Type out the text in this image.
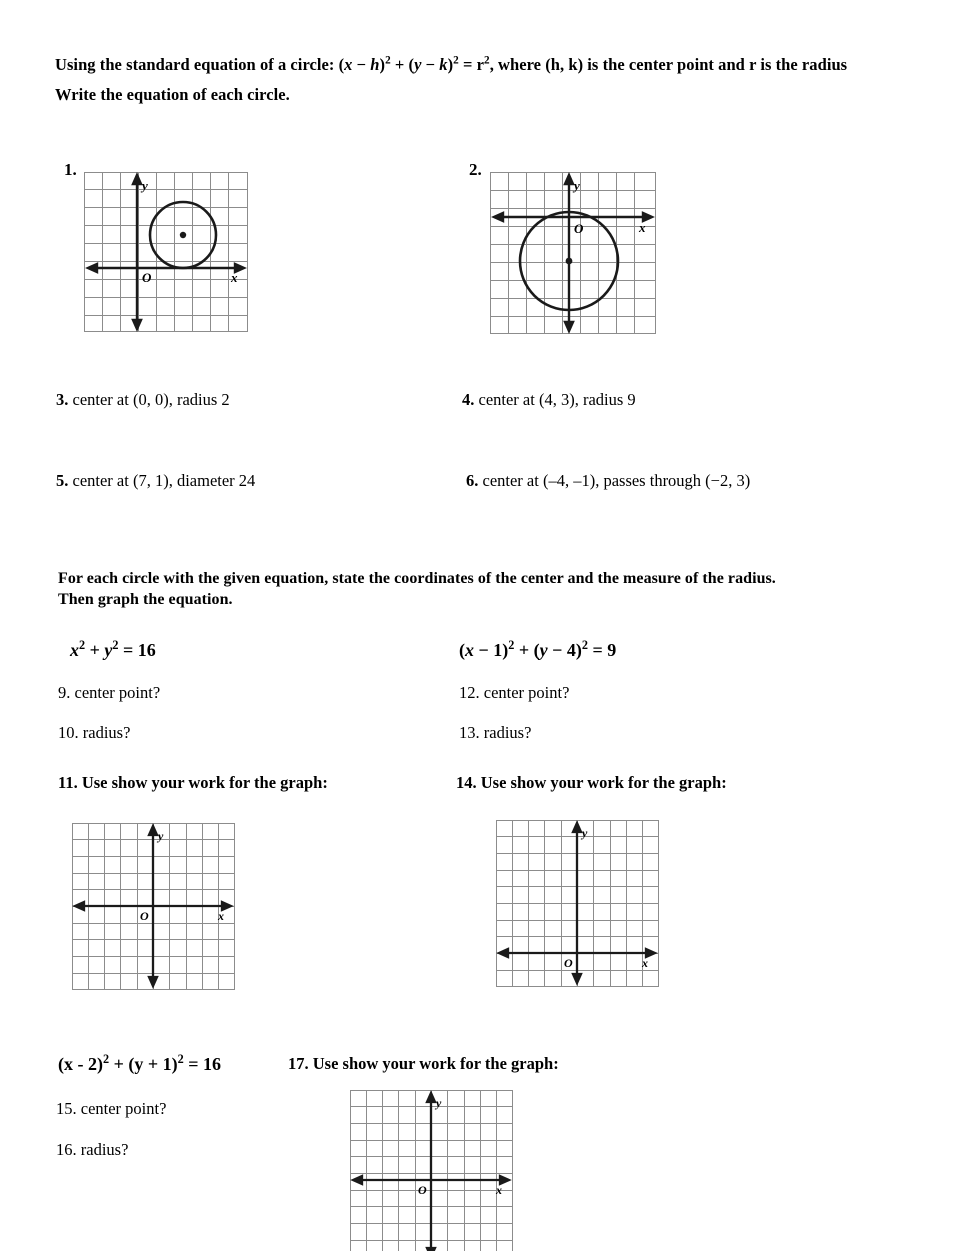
Using the standard equation of a circle: $(x - h)^2 + (y - k)^2 = r^2$, where (h, k) is the center point and r is the radius
Write the equation of each circle.
1.
O	x
y
2.
O	x
y
3. center at (0, 0), radius 2	4. center at (4, 3), radius 9
5. center at (7, 1), diameter 24	6. center at (–4, –1), passes through (−2, 3)
For each circle with the given equation, state the coordinates of the center and the measure of the radius.
Then graph the equation.
$x^2 + y^2 = 16$	$(x - 1)^2 + (y - 4)^2 = 9$
9. center point?
10. radius?
11. Use show your work for the graph:
12. center point?
13. radius?
14. Use show your work for the graph:
O	x
y
O	x
y
$(x - 2)^2 + (y + 1)^2 = 16$	17. Use show your work for the graph:
15. center point?
16. radius?
O	x
y
